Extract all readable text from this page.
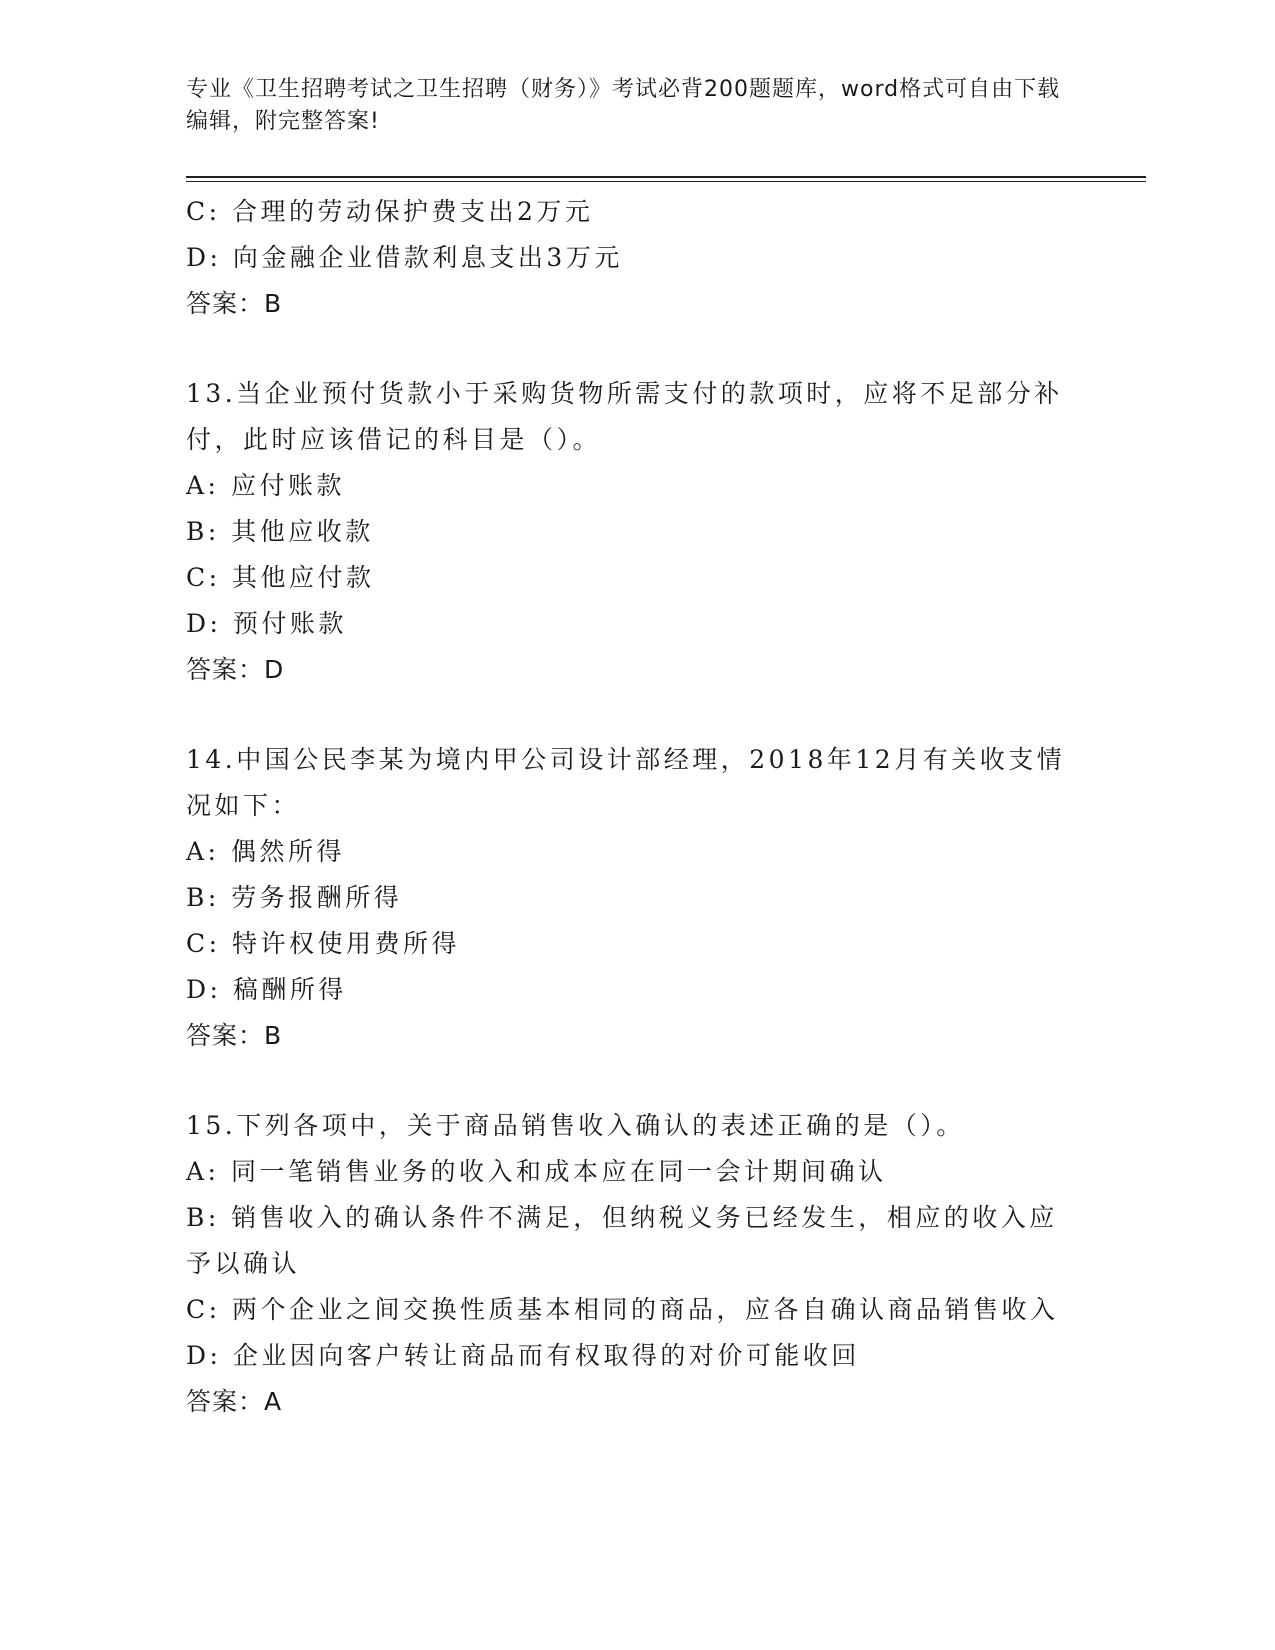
专业《卫生招聘考试之卫生招聘（财务）》考试必背200题题库，word格式可自由下载编辑，附完整答案!
C: 合理的劳动保护费支出2万元
D: 向金融企业借款利息支出3万元
答案：B
13.当企业预付货款小于采购货物所需支付的款项时，应将不足部分补付，此时应该借记的科目是（）。
A: 应付账款
B: 其他应收款
C: 其他应付款
D: 预付账款
答案：D
14.中国公民李某为境内甲公司设计部经理，2018年12月有关收支情况如下：
A: 偶然所得
B: 劳务报酬所得
C: 特许权使用费所得
D: 稿酬所得
答案：B
15.下列各项中，关于商品销售收入确认的表述正确的是（）。
A: 同一笔销售业务的收入和成本应在同一会计期间确认
B: 销售收入的确认条件不满足，但纳税义务已经发生，相应的收入应予以确认
C: 两个企业之间交换性质基本相同的商品，应各自确认商品销售收入
D: 企业因向客户转让商品而有权取得的对价可能收回
答案：A
